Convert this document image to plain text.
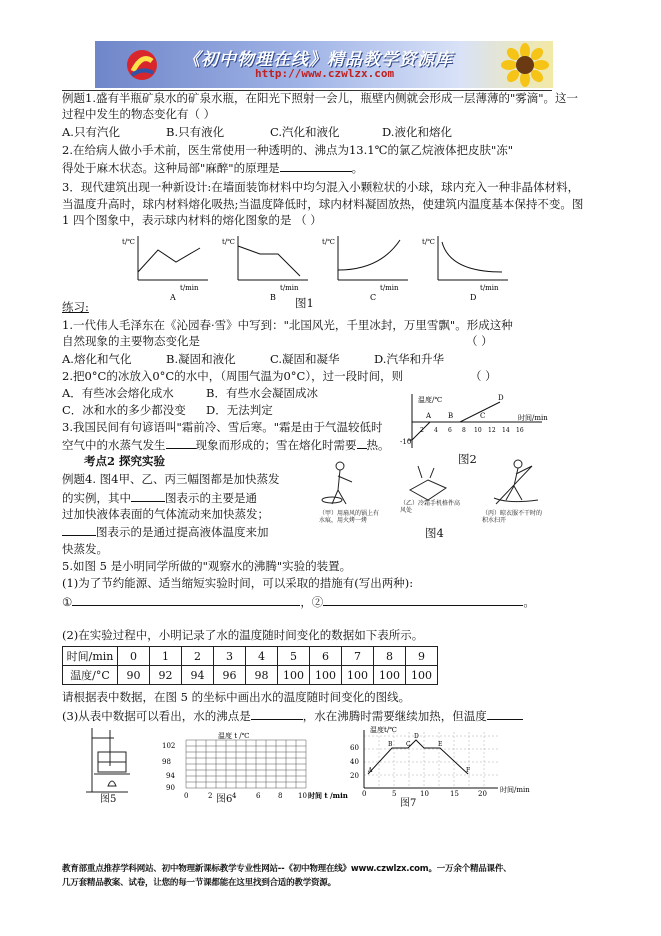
《初中物理在线》精品教学资源库
http://www.czwlzx.com
例题1.盛有半瓶矿泉水的矿泉水瓶，在阳光下照射一会儿，瓶壁内侧就会形成一层薄薄的"雾滴"。这一
过程中发生的物态变化有（ ）
A.只有汽化	B.只有液化	C.汽化和液化	D.液化和熔化
2.在给病人做小手术前，医生常使用一种透明的、沸点为13.1℃的氯乙烷液体把皮肤"冻"
得处于麻木状态。这种局部"麻醉"的原理是	。
3．现代建筑出现一种新设计:在墙面装饰材料中均匀混入小颗粒状的小球，球内充入一种非晶体材料，
当温度升高时，球内材料熔化吸热;当温度降低时，球内材料凝固放热，使建筑内温度基本保持不变。图
1 四个图象中，表示球内材料的熔化图象的是 （ ）
t/℃
t/min
A
t/℃
t/min
B
t/℃
t/min
C
t/℃
t/min
D
图1
练习:
1.一代伟人毛泽东在《沁园春·雪》中写到："北国风光，千里冰封，万里雪飘"。形成这种
自然现象的主要物态变化是	（ ）
A.熔化和气化	B.凝固和液化	C.凝固和凝华	D.汽华和升华
2.把0°C的冰放入0°C的水中，（周围气温为0°C），过一段时间，则	（ ）
A．有些冰会熔化成水	B．有些水会凝固成冰
C．冰和水的多少都没变 D．无法判定
3.我国民间有句谚语叫"霜前冷、雪后寒。"霜是由于气温较低时
空气中的水蒸气发生	现象而形成的；雪在熔化时需要 热。
温度/℃
时间/min
-10
A B	C
D
2 4 6 8 10 12 14 16
图2
考点2 探究实验
例题4. 图4甲、乙、丙三幅图都是加快蒸发
的实例，其中	图表示的主要是通
过加快液体表面的气体流动来加快蒸发；
图表示的是通过提高液体温度来加
快蒸发。
（甲）用扇风的锅上有水痕，用火烤一烤
（乙）冷霜手机格件高风处	（丙）晾衣服不干时的积水扫开
图4
5.如图 5 是小明同学所做的"观察水的沸腾"实验的装置。
(1)为了节约能源、适当缩短实验时间，可以采取的措施有(写出两种):
①	，②	。
(2)在实验过程中，小明记录了水的温度随时间变化的数据如下表所示。
时间/min	0	1	2	3	4	5	6	7	8	9
温度/°C	90	92	94	96	98	100	100	100	100	100
请根据表中数据，在图 5 的坐标中画出水的温度随时间变化的图线。
(3)从表中数据可以看出，水的沸点是	，水在沸腾时需要继续加热，但温度
图5
102
98
94
90
0	2	4	6	8 10 时间 t /min
温度 t /℃
图6
温度t/℃
60
40
20
0	5	10	15	20 时间/min
A
B C
D
E
F
图7
教育部重点推荐学科网站、初中物理新课标教学专业性网站--《初中物理在线》www.czwlzx.com。一万余个精品课件、
几万套精品教案、试卷，让您的每一节课都能在这里找到合适的教学资源。
